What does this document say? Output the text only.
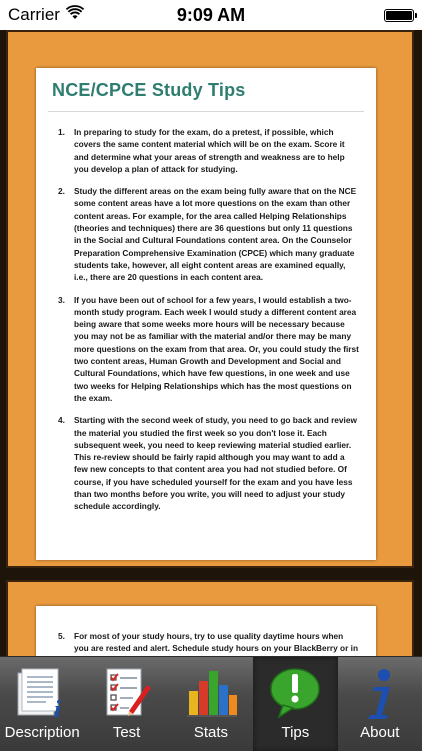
Carrier	9:09 AM
NCE/CPCE Study Tips
1. In preparing to study for the exam, do a pretest, if possible, which covers the same content material which will be on the exam. Score it and determine what your areas of strength and weakness are to help you develop a plan of attack for studying.
2. Study the different areas on the exam being fully aware that on the NCE some content areas have a lot more questions on the exam than other content areas. For example, for the area called Helping Relationships (theories and techniques) there are 36 questions but only 11 questions in the Social and Cultural Foundations content area. On the Counselor Preparation Comprehensive Examination (CPCE) which many graduate students take, however, all eight content areas are examined equally, i.e., there are 20 questions in each content area.
3. If you have been out of school for a few years, I would establish a two-month study program. Each week I would study a different content area being aware that some weeks more hours will be necessary because you may not be as familiar with the material and/or there may be many more questions on the exam from that area. Or, you could study the first two content areas, Human Growth and Development and Social and Cultural Foundations, which have few questions, in one week and use two weeks for Helping Relationships which has the most questions on the exam.
4. Starting with the second week of study, you need to go back and review the material you studied the first week so you don't lose it. Each subsequent week, you need to keep reviewing material studied earlier. This re-review should be fairly rapid although you may want to add a few new concepts to that content area you had not studied before. Of course, if you have scheduled yourself for the exam and you have less than two months before you write, you will need to adjust your study schedule accordingly.
5. For most of your study hours, try to use quality daytime hours when you are rested and alert. Schedule study hours on your BlackBerry or in
i
Description	Test	Stats	Tips	About
